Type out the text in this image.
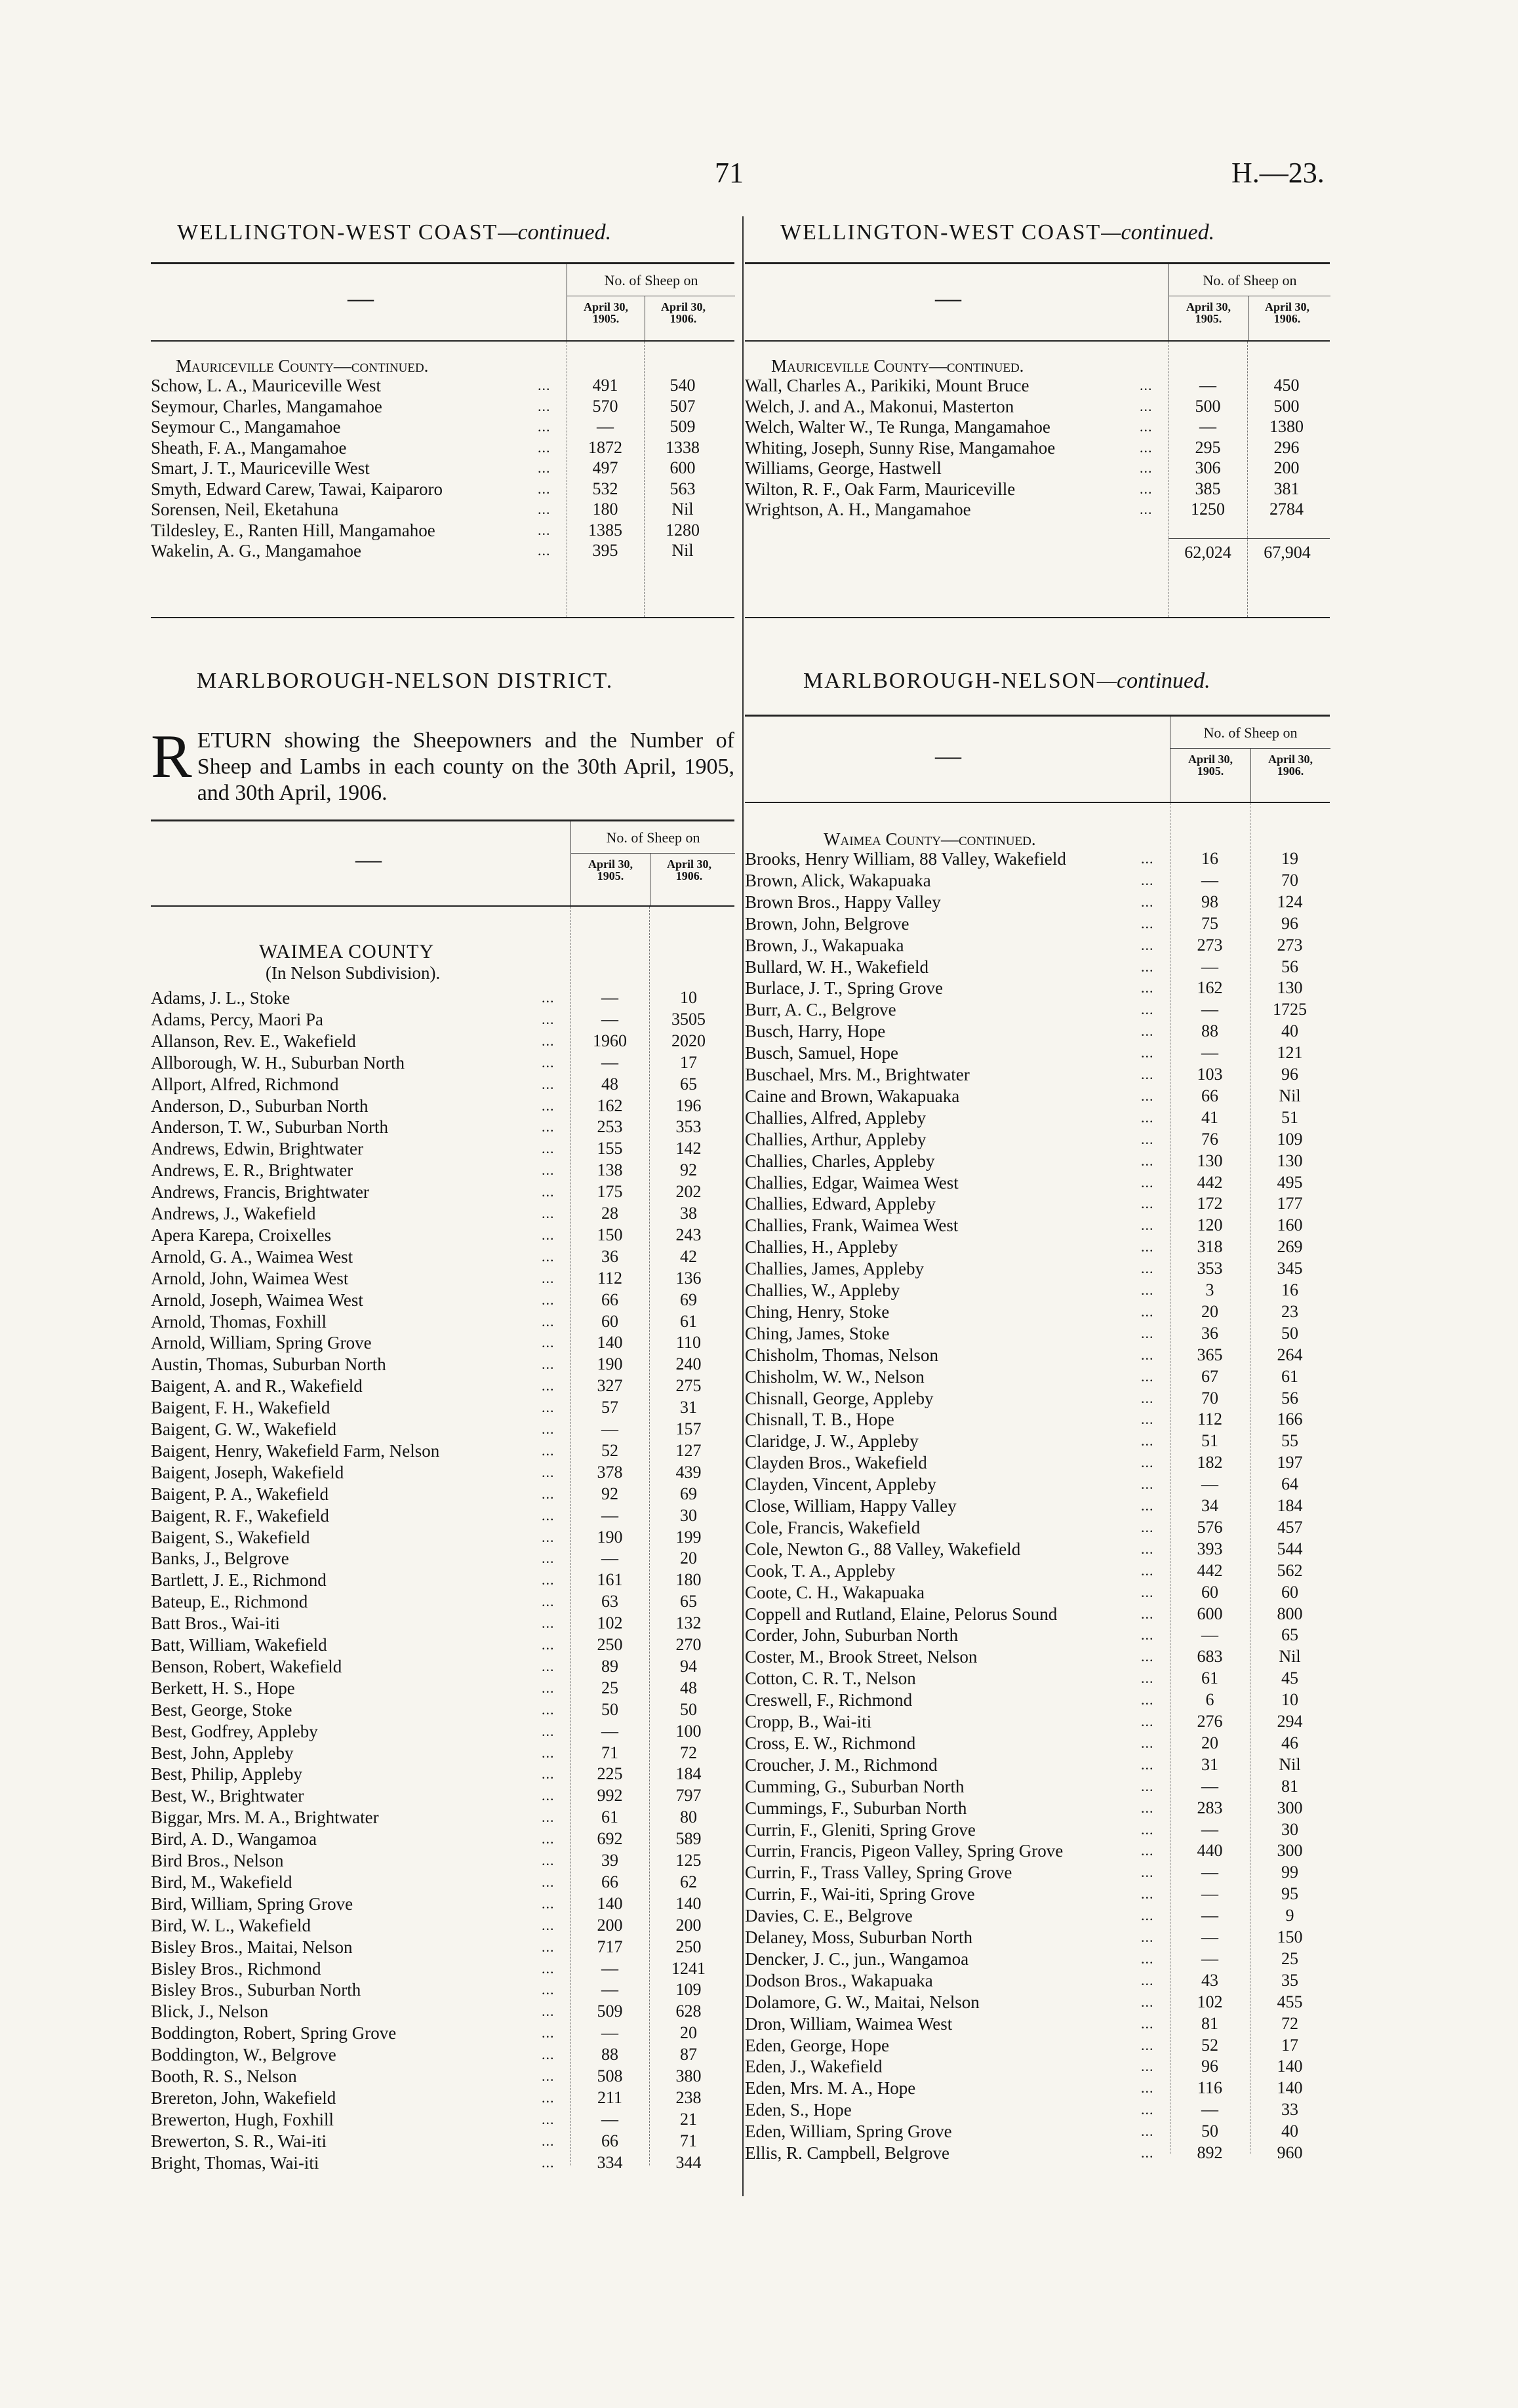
71	H.—23.
WELLINGTON-WEST COAST—continued.
—
No. of Sheep on
April 30,
1905.
April 30,
1906.
Mauriceville County—continued.
Schow, L. A., Mauriceville West	...	491	540
Seymour, Charles, Mangamahoe	...	570	507
Seymour C., Mangamahoe	...	—	509
Sheath, F. A., Mangamahoe	...	1872	1338
Smart, J. T., Mauriceville West	...	497	600
Smyth, Edward Carew, Tawai, Kaiparoro	...	532	563
Sorensen, Neil, Eketahuna	...	180	Nil
Tildesley, E., Ranten Hill, Mangamahoe	...	1385	1280
Wakelin, A. G., Mangamahoe	...	395	Nil
WELLINGTON-WEST COAST—continued.
—
No. of Sheep on
April 30,
1905.
April 30,
1906.
Mauriceville County—continued.
Wall, Charles A., Parikiki, Mount Bruce	...	—	450
Welch, J. and A., Makonui, Masterton	...	500	500
Welch, Walter W., Te Runga, Mangamahoe	...	—	1380
Whiting, Joseph, Sunny Rise, Mangamahoe	...	295	296
Williams, George, Hastwell	...	306	200
Wilton, R. F., Oak Farm, Mauriceville	...	385	381
Wrightson, A. H., Mangamahoe	...	1250	2784
62,024	67,904
MARLBOROUGH-NELSON DISTRICT.
RETURN showing the Sheepowners and the Number of Sheep and Lambs in each county on the 30th April, 1905, and 30th April, 1906.
—
No. of Sheep on
April 30,
1905.
April 30,
1906.
WAIMEA COUNTY
(In Nelson Subdivision).
Adams, J. L., Stoke	...	—	10
Adams, Percy, Maori Pa	...	—	3505
Allanson, Rev. E., Wakefield	...	1960	2020
Allborough, W. H., Suburban North	...	—	17
Allport, Alfred, Richmond	...	48	65
Anderson, D., Suburban North	...	162	196
Anderson, T. W., Suburban North	...	253	353
Andrews, Edwin, Brightwater	...	155	142
Andrews, E. R., Brightwater	...	138	92
Andrews, Francis, Brightwater	...	175	202
Andrews, J., Wakefield	...	28	38
Apera Karepa, Croixelles	...	150	243
Arnold, G. A., Waimea West	...	36	42
Arnold, John, Waimea West	...	112	136
Arnold, Joseph, Waimea West	...	66	69
Arnold, Thomas, Foxhill	...	60	61
Arnold, William, Spring Grove	...	140	110
Austin, Thomas, Suburban North	...	190	240
Baigent, A. and R., Wakefield	...	327	275
Baigent, F. H., Wakefield	...	57	31
Baigent, G. W., Wakefield	...	—	157
Baigent, Henry, Wakefield Farm, Nelson	...	52	127
Baigent, Joseph, Wakefield	...	378	439
Baigent, P. A., Wakefield	...	92	69
Baigent, R. F., Wakefield	...	—	30
Baigent, S., Wakefield	...	190	199
Banks, J., Belgrove	...	—	20
Bartlett, J. E., Richmond	...	161	180
Bateup, E., Richmond	...	63	65
Batt Bros., Wai-iti	...	102	132
Batt, William, Wakefield	...	250	270
Benson, Robert, Wakefield	...	89	94
Berkett, H. S., Hope	...	25	48
Best, George, Stoke	...	50	50
Best, Godfrey, Appleby	...	—	100
Best, John, Appleby	...	71	72
Best, Philip, Appleby	...	225	184
Best, W., Brightwater	...	992	797
Biggar, Mrs. M. A., Brightwater	...	61	80
Bird, A. D., Wangamoa	...	692	589
Bird Bros., Nelson	...	39	125
Bird, M., Wakefield	...	66	62
Bird, William, Spring Grove	...	140	140
Bird, W. L., Wakefield	...	200	200
Bisley Bros., Maitai, Nelson	...	717	250
Bisley Bros., Richmond	...	—	1241
Bisley Bros., Suburban North	...	—	109
Blick, J., Nelson	...	509	628
Boddington, Robert, Spring Grove	...	—	20
Boddington, W., Belgrove	...	88	87
Booth, R. S., Nelson	...	508	380
Brereton, John, Wakefield	...	211	238
Brewerton, Hugh, Foxhill	...	—	21
Brewerton, S. R., Wai-iti	...	66	71
Bright, Thomas, Wai-iti	...	334	344
MARLBOROUGH-NELSON—continued.
—
No. of Sheep on
April 30,
1905.
April 30,
1906.
Waimea County—continued.
Brooks, Henry William, 88 Valley, Wakefield	...	16	19
Brown, Alick, Wakapuaka	...	—	70
Brown Bros., Happy Valley	...	98	124
Brown, John, Belgrove	...	75	96
Brown, J., Wakapuaka	...	273	273
Bullard, W. H., Wakefield	...	—	56
Burlace, J. T., Spring Grove	...	162	130
Burr, A. C., Belgrove	...	—	1725
Busch, Harry, Hope	...	88	40
Busch, Samuel, Hope	...	—	121
Buschael, Mrs. M., Brightwater	...	103	96
Caine and Brown, Wakapuaka	...	66	Nil
Challies, Alfred, Appleby	...	41	51
Challies, Arthur, Appleby	...	76	109
Challies, Charles, Appleby	...	130	130
Challies, Edgar, Waimea West	...	442	495
Challies, Edward, Appleby	...	172	177
Challies, Frank, Waimea West	...	120	160
Challies, H., Appleby	...	318	269
Challies, James, Appleby	...	353	345
Challies, W., Appleby	...	3	16
Ching, Henry, Stoke	...	20	23
Ching, James, Stoke	...	36	50
Chisholm, Thomas, Nelson	...	365	264
Chisholm, W. W., Nelson	...	67	61
Chisnall, George, Appleby	...	70	56
Chisnall, T. B., Hope	...	112	166
Claridge, J. W., Appleby	...	51	55
Clayden Bros., Wakefield	...	182	197
Clayden, Vincent, Appleby	...	—	64
Close, William, Happy Valley	...	34	184
Cole, Francis, Wakefield	...	576	457
Cole, Newton G., 88 Valley, Wakefield	...	393	544
Cook, T. A., Appleby	...	442	562
Coote, C. H., Wakapuaka	...	60	60
Coppell and Rutland, Elaine, Pelorus Sound	...	600	800
Corder, John, Suburban North	...	—	65
Coster, M., Brook Street, Nelson	...	683	Nil
Cotton, C. R. T., Nelson	...	61	45
Creswell, F., Richmond	...	6	10
Cropp, B., Wai-iti	...	276	294
Cross, E. W., Richmond	...	20	46
Croucher, J. M., Richmond	...	31	Nil
Cumming, G., Suburban North	...	—	81
Cummings, F., Suburban North	...	283	300
Currin, F., Gleniti, Spring Grove	...	—	30
Currin, Francis, Pigeon Valley, Spring Grove	...	440	300
Currin, F., Trass Valley, Spring Grove	...	—	99
Currin, F., Wai-iti, Spring Grove	...	—	95
Davies, C. E., Belgrove	...	—	9
Delaney, Moss, Suburban North	...	—	150
Dencker, J. C., jun., Wangamoa	...	—	25
Dodson Bros., Wakapuaka	...	43	35
Dolamore, G. W., Maitai, Nelson	...	102	455
Dron, William, Waimea West	...	81	72
Eden, George, Hope	...	52	17
Eden, J., Wakefield	...	96	140
Eden, Mrs. M. A., Hope	...	116	140
Eden, S., Hope	...	—	33
Eden, William, Spring Grove	...	50	40
Ellis, R. Campbell, Belgrove	...	892	960
